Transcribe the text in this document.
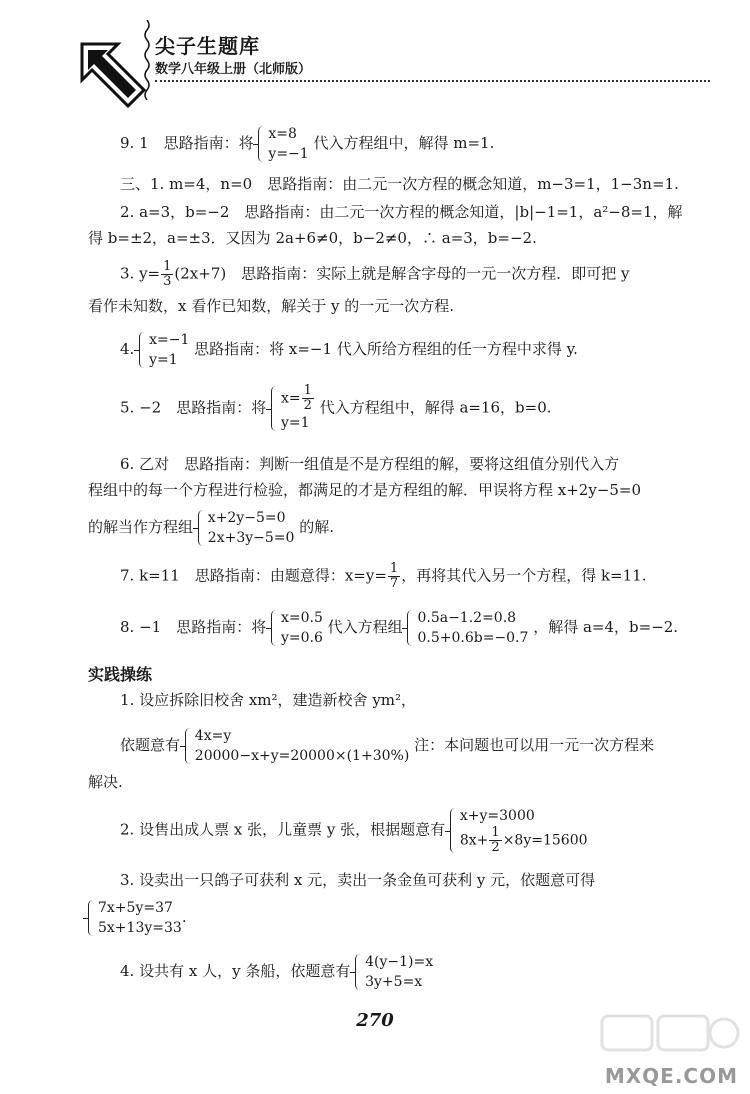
尖子生题库
数学八年级上册（北师版）
9. 1　思路指南：将 x=8
y=−1
代入方程组中，解得 m=1.
三、1. m=4，n=0　思路指南：由二元一次方程的概念知道，m−3=1，1−3n=1.
2. a=3，b=−2　思路指南：由二元一次方程的概念知道，|b|−1=1，a²−8=1，解
得 b=±2，a=±3．又因为 2a+6≠0，b−2≠0，∴ a=3，b=−2.
3. $y= \frac{1}{3} (2x+7)$　思路指南：实际上就是解含字母的一元一次方程．即可把 y
看作未知数，x 看作已知数，解关于 y 的一元一次方程.
4. x=−1
y=1
思路指南：将 x=−1 代入所给方程组的任一方程中求得 y.
5. −2　思路指南：将 $x= \frac{1}{2}$
y=1
代入方程组中，解得 a=16，b=0.
6. 乙对　思路指南：判断一组值是不是方程组的解，要将这组值分别代入方
程组中的每一个方程进行检验，都满足的才是方程组的解．甲误将方程 x+2y−5=0
的解当作方程组 x+2y−5=0
2x+3y−5=0
的解.
7. k=11　思路指南：由题意得：$x=y= \frac{1}{7}$ ，再将其代入另一个方程，得 k=11.
8. −1　思路指南：将 x=0.5
y=0.6
代入方程组 0.5a−1.2=0.8
0.5+0.6b=−0.7
，解得 a=4，b=−2.
实践操练
1. 设应拆除旧校舍 xm²，建造新校舍 ym²，
依题意有 4x=y
20000−x+y=20000×(1+30%)
注：本问题也可以用一元一次方程来
解决.
2. 设售出成人票 x 张，儿童票 y 张，根据题意有
x+y=3000
$8x+ \frac{1}{2} \times 8y=15600$
3. 设卖出一只鸽子可获利 x 元，卖出一条金鱼可获利 y 元，依题意可得
7x+5y=37
5x+13y=33
.
4. 设共有 x 人，y 条船，依题意有 4(y−1)=x
3y+5=x
270
MXQE.COM
